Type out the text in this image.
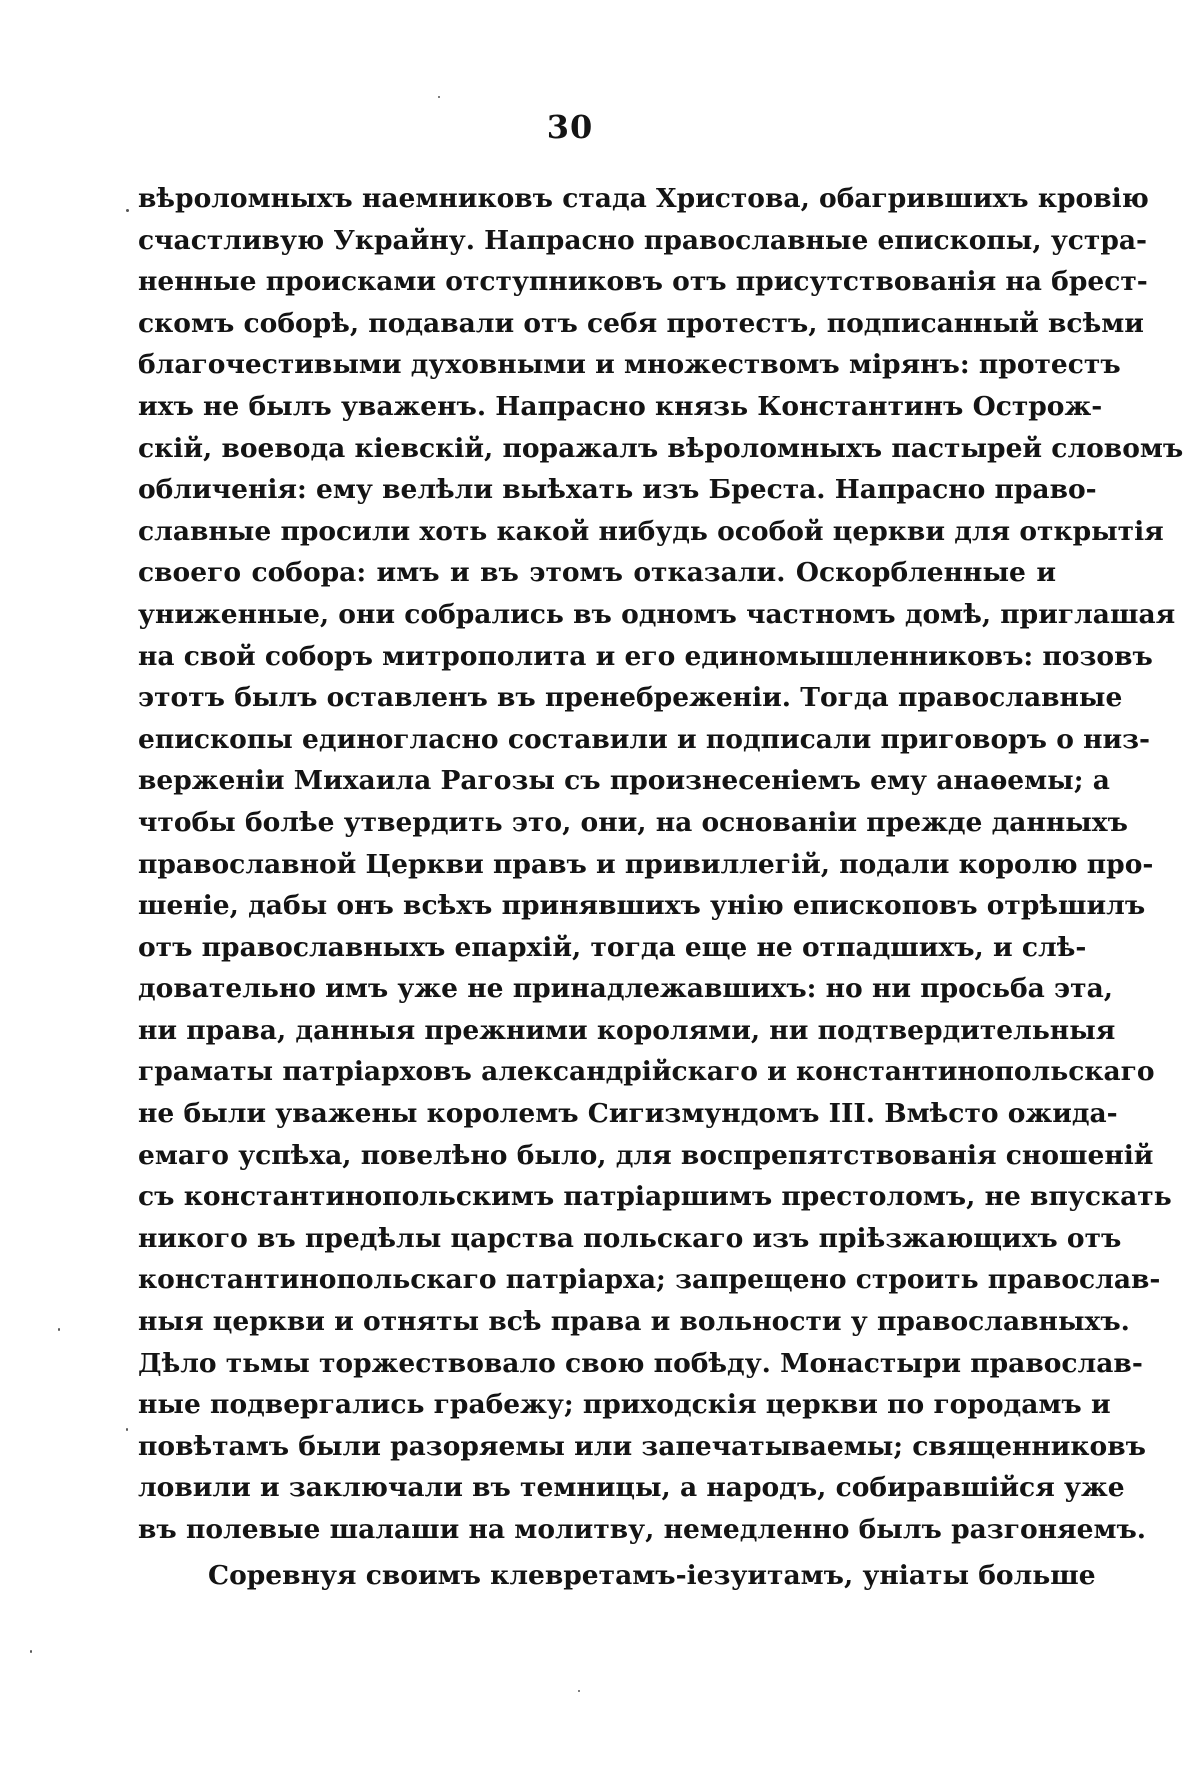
30
вѣроломныхъ наемниковъ стада Христова, обагрившихъ кровію
счастливую Украйну. Напрасно православные епископы, устра-
ненные происками отступниковъ отъ присутствованія на брест-
скомъ соборѣ, подавали отъ себя протестъ, подписанный всѣми
благочестивыми духовными и множествомъ мірянъ: протестъ
ихъ не былъ уваженъ. Напрасно князь Константинъ Острож-
скій, воевода кіевскій, поражалъ вѣроломныхъ пастырей словомъ
обличенія: ему велѣли выѣхать изъ Бреста. Напрасно право-
славные просили хоть какой нибудь особой церкви для открытія
своего собора: имъ и въ этомъ отказали. Оскорбленные и
униженные, они собрались въ одномъ частномъ домѣ, приглашая
на свой соборъ митрополита и его единомышленниковъ: позовъ
этотъ былъ оставленъ въ пренебреженіи. Тогда православные
епископы единогласно составили и подписали приговоръ о низ-
верженіи Михаила Рагозы съ произнесеніемъ ему анаѳемы; а
чтобы болѣе утвердить это, они, на основаніи прежде данныхъ
православной Церкви правъ и привиллегій, подали королю про-
шеніе, дабы онъ всѣхъ принявшихъ унію епископовъ отрѣшилъ
отъ православныхъ епархій, тогда еще не отпадшихъ, и слѣ-
довательно имъ уже не принадлежавшихъ: но ни просьба эта,
ни права, данныя прежними королями, ни подтвердительныя
граматы патріарховъ александрійскаго и константинопольскаго
не были уважены королемъ Сигизмундомъ III. Вмѣсто ожида-
емаго успѣха, повелѣно было, для воспрепятствованія сношеній
съ константинопольскимъ патріаршимъ престоломъ, не впускать
никого въ предѣлы царства польскаго изъ пріѣзжающихъ отъ
константинопольскаго патріарха; запрещено строить православ-
ныя церкви и отняты всѣ права и вольности у православныхъ.
Дѣло тьмы торжествовало свою побѣду. Монастыри православ-
ные подвергались грабежу; приходскія церкви по городамъ и
повѣтамъ были разоряемы или запечатываемы; священниковъ
ловили и заключали въ темницы, а народъ, собиравшійся уже
въ полевые шалаши на молитву, немедленно былъ разгоняемъ.
Соревнуя своимъ клевретамъ-іезуитамъ, уніаты больше
